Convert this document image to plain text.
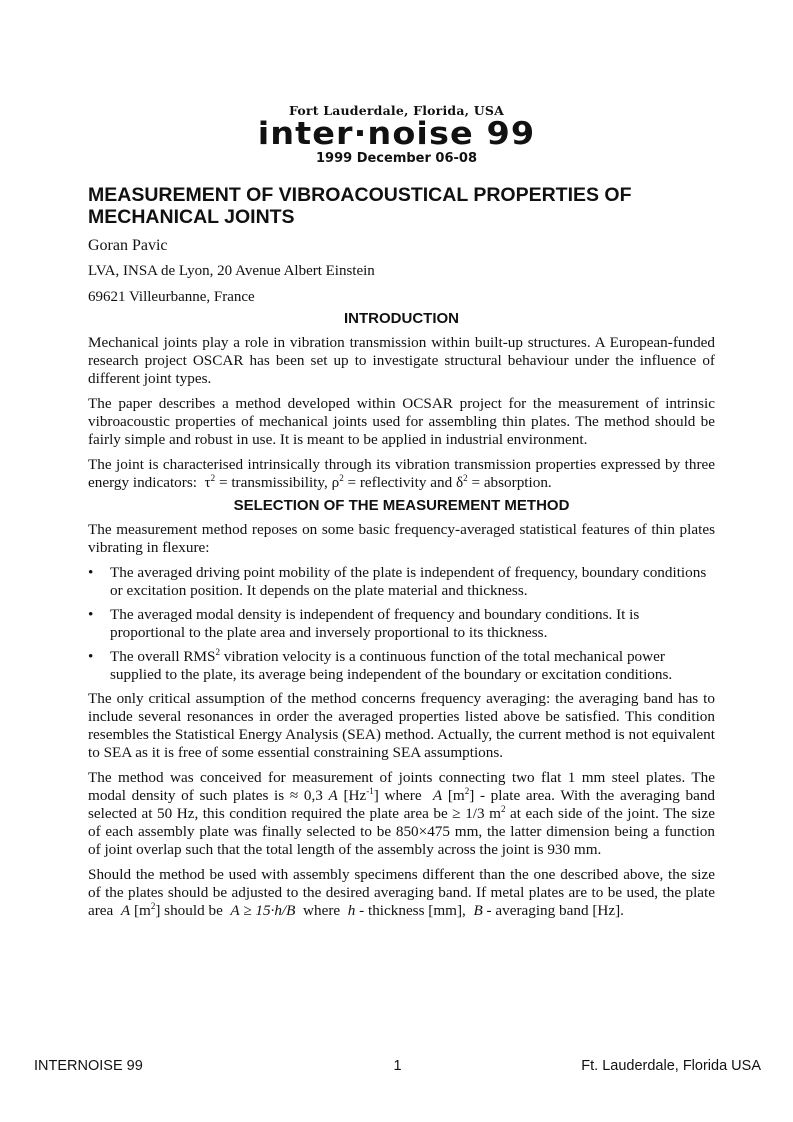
Fort Lauderdale, Florida, USA
inter·noise 99
1999 December 06-08
MEASUREMENT OF VIBROACOUSTICAL PROPERTIES OF MECHANICAL JOINTS
Goran Pavic
LVA, INSA de Lyon, 20 Avenue Albert Einstein
69621 Villeurbanne, France
INTRODUCTION

Mechanical joints play a role in vibration transmission within built-up structures. A European-funded research project OSCAR has been set up to investigate structural behaviour under the influence of different joint types.

The paper describes a method developed within OCSAR project for the measurement of intrinsic vibroacoustic properties of mechanical joints used for assembling thin plates. The method should be fairly simple and robust in use. It is meant to be applied in industrial environment.

The joint is characterised intrinsically through its vibration transmission properties expressed by three energy indicators: $\tau^2$ = transmissibility, $\rho^2$ = reflectivity and $\delta^2$ = absorption.

SELECTION OF THE MEASUREMENT METHOD

The measurement method reposes on some basic frequency-averaged statistical features of thin plates vibrating in flexure:

• The averaged driving point mobility of the plate is independent of frequency, boundary conditions or excitation position. It depends on the plate material and thickness.
• The averaged modal density is independent of frequency and boundary conditions. It is proportional to the plate area and inversely proportional to its thickness.
• The overall RMS$^2$ vibration velocity is a continuous function of the total mechanical power supplied to the plate, its average being independent of the boundary or excitation conditions.

The only critical assumption of the method concerns frequency averaging: the averaging band has to include several resonances in order the averaged properties listed above be satisfied. This condition resembles the Statistical Energy Analysis (SEA) method. Actually, the current method is not equivalent to SEA as it is free of some essential constraining SEA assumptions.

The method was conceived for measurement of joints connecting two flat 1 mm steel plates. The modal density of such plates is ≈ 0,3 A $[Hz^{-1}]$ where A $[m^2]$ - plate area. With the averaging band selected at 50 Hz, this condition required the plate area be ≥ 1/3 $m^2$ at each side of the joint. The size of each assembly plate was finally selected to be 850×475 mm, the latter dimension being a function of joint overlap such that the total length of the assembly across the joint is 930 mm.

Should the method be used with assembly specimens different than the one described above, the size of the plates should be adjusted to the desired averaging band. If metal plates are to be used, the plate area A $[m^2]$ should be A ≥ 15·h/B where h - thickness [mm], B - averaging band [Hz].

INTERNOISE 99	1	Ft. Lauderdale, Florida USA
